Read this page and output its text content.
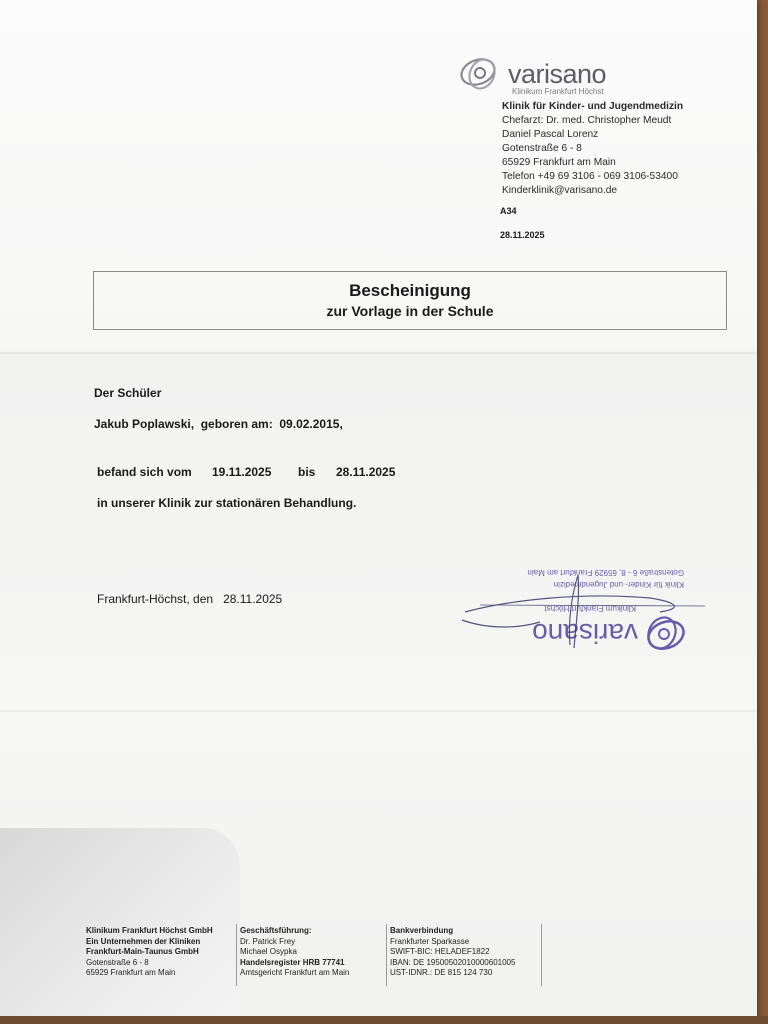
varisano
Klinikum Frankfurt Höchst
Klinik für Kinder- und Jugendmedizin
Chefarzt: Dr. med. Christopher Meudt
Daniel Pascal Lorenz
Gotenstraße 6 - 8
65929 Frankfurt am Main
Telefon +49 69 3106 - 069 3106-53400
Kinderklinik@varisano.de
A34
28.11.2025
Bescheinigung
zur Vorlage in der Schule
Der Schüler
Jakub Poplawski,  geboren am:  09.02.2015,
befand sich vom 19.11.2025 bis 28.11.2025
in unserer Klinik zur stationären Behandlung.
Frankfurt-Höchst, den 28.11.2025
varisano
Klinikum Frankfurt Höchst
Klinik für Kinder- und Jugendmedizin
Gotenstraße 6 - 8, 65929 Frankfurt am Main
Klinikum Frankfurt Höchst GmbH
Ein Unternehmen der Kliniken
Frankfurt-Main-Taunus GmbH
Gotenstraße 6 - 8
65929 Frankfurt am Main
Geschäftsführung:
Dr. Patrick Frey
Michael Osypka
Handelsregister HRB 77741
Amtsgericht Frankfurt am Main
Bankverbindung
Frankfurter Sparkasse
SWIFT-BIC: HELADEF1822
IBAN: DE 19500502010000601005
UST-IDNR.: DE 815 124 730
